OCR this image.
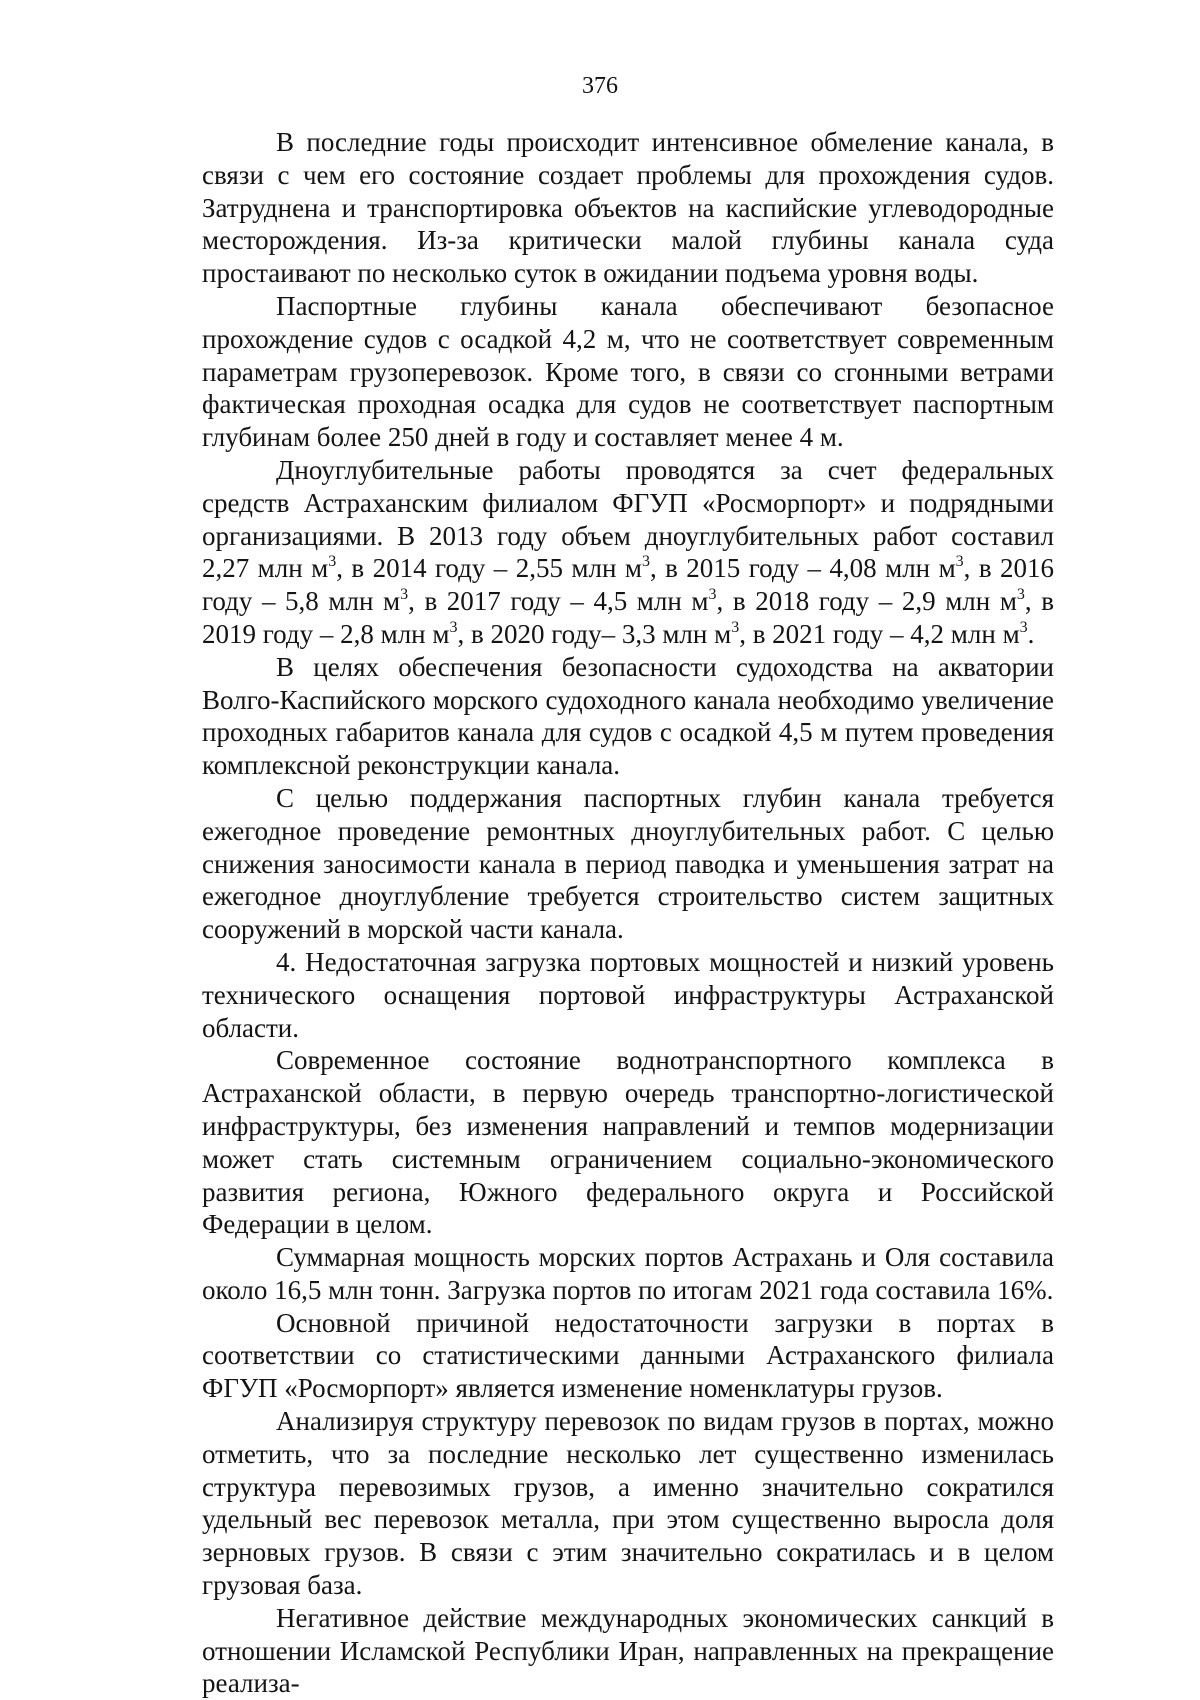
376

В последние годы происходит интенсивное обмеление канала, в связи с чем его состояние создает проблемы для прохождения судов. Затруднена и транспортировка объектов на каспийские углеводородные месторождения. Из-за критически малой глубины канала суда простаивают по несколько суток в ожидании подъема уровня воды.

Паспортные глубины канала обеспечивают безопасное прохождение судов с осадкой 4,2 м, что не соответствует современным параметрам грузоперевозок. Кроме того, в связи со сгонными ветрами фактическая проходная осадка для судов не соответствует паспортным глубинам более 250 дней в году и составляет менее 4 м.

Дноуглубительные работы проводятся за счет федеральных средств Астраханским филиалом ФГУП «Росморпорт» и подрядными организациями. В 2013 году объем дноуглубительных работ составил 2,27 млн $м^3$, в 2014 году – 2,55 млн $м^3$, в 2015 году – 4,08 млн $м^3$, в 2016 году – 5,8 млн $м^3$, в 2017 году – 4,5 млн $м^3$, в 2018 году – 2,9 млн $м^3$, в 2019 году – 2,8 млн $м^3$, в 2020 году– 3,3 млн $м^3$, в 2021 году – 4,2 млн $м^3$.

В целях обеспечения безопасности судоходства на акватории Волго-Каспийского морского судоходного канала необходимо увеличение проходных габаритов канала для судов с осадкой 4,5 м путем проведения комплексной реконструкции канала.

С целью поддержания паспортных глубин канала требуется ежегодное проведение ремонтных дноуглубительных работ. С целью снижения заносимости канала в период паводка и уменьшения затрат на ежегодное дноуглубление требуется строительство систем защитных сооружений в морской части канала.

4. Недостаточная загрузка портовых мощностей и низкий уровень технического оснащения портовой инфраструктуры Астраханской области.

Современное состояние воднотранспортного комплекса в Астраханской области, в первую очередь транспортно-логистической инфраструктуры, без изменения направлений и темпов модернизации может стать системным ограничением социально-экономического развития региона, Южного федерального округа и Российской Федерации в целом.

Суммарная мощность морских портов Астрахань и Оля составила около 16,5 млн тонн. Загрузка портов по итогам 2021 года составила 16%.

Основной причиной недостаточности загрузки в портах в соответствии со статистическими данными Астраханского филиала ФГУП «Росморпорт» является изменение номенклатуры грузов.

Анализируя структуру перевозок по видам грузов в портах, можно отметить, что за последние несколько лет существенно изменилась структура перевозимых грузов, а именно значительно сократился удельный вес перевозок металла, при этом существенно выросла доля зерновых грузов. В связи с этим значительно сократилась и в целом грузовая база.

Негативное действие международных экономических санкций в отношении Исламской Республики Иран, направленных на прекращение реализа-
